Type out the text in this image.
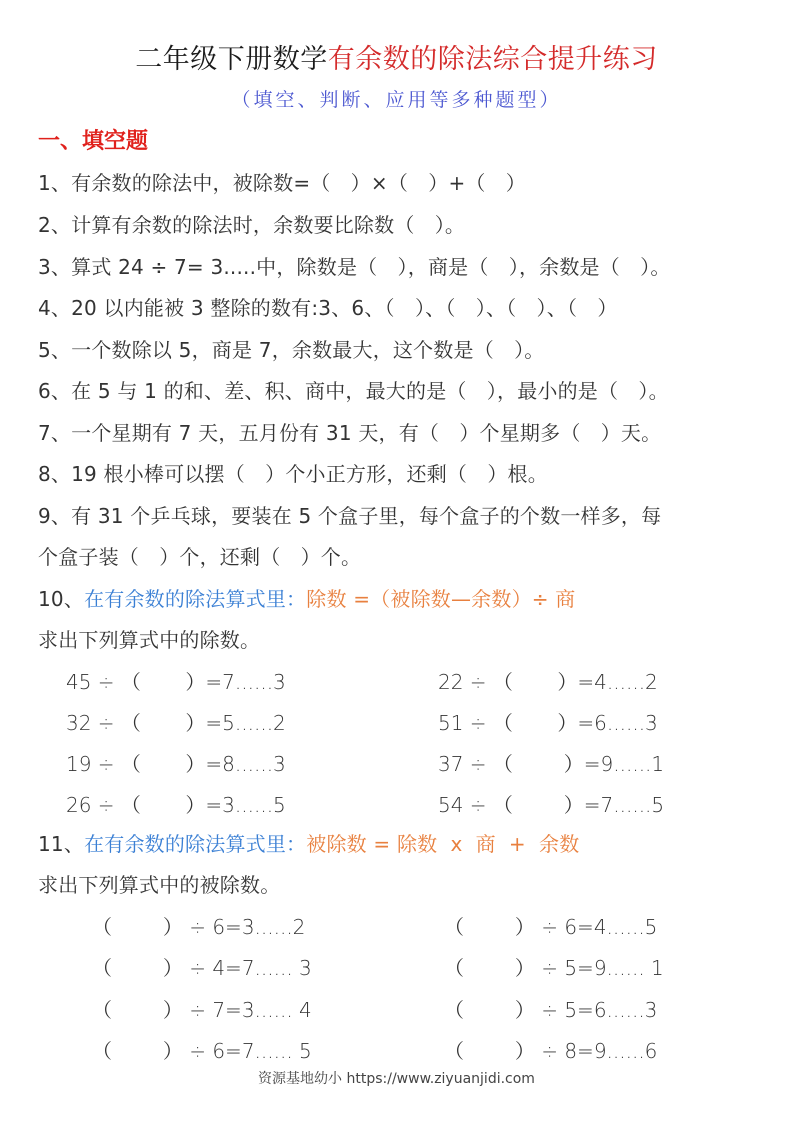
二年级下册数学有余数的除法综合提升练习
（填空、判断、应用等多种题型）
一、填空题
1、有余数的除法中，被除数=（　）×（　）+（　）
2、计算有余数的除法时，余数要比除数（　）。
3、算式 24 ÷ 7= 3.....中，除数是（　），商是（　），余数是（　）。
4、20 以内能被 3 整除的数有:3、6、（　）、（　）、（　）、（　）
5、一个数除以 5，商是 7，余数最大，这个数是（　）。
6、在 5 与 1 的和、差、积、商中，最大的是（　），最小的是（　）。
7、一个星期有 7 天，五月份有 31 天，有（　）个星期多（　）天。
8、19 根小棒可以摆（　）个小正方形，还剩（　）根。
9、有 31 个乒乓球，要装在 5 个盒子里，每个盒子的个数一样多，每
个盒子装（　）个，还剩（　）个。
10、在有余数的除法算式里：除数 =（被除数—余数）÷ 商
求出下列算式中的除数。
45 ÷ （       ）=7......3
32 ÷ （       ）=5......2
19 ÷ （       ）=8......3
26 ÷ （       ）=3......5
22 ÷ （       ）=4......2
51 ÷ （       ）=6......3
37 ÷ （        ）=9......1
54 ÷ （        ）=7......5
11、在有余数的除法算式里：被除数 = 除数  x  商  +  余数
求出下列算式中的被除数。
（        ） ÷ 6=3......2
（        ） ÷ 4=7...... 3
（        ） ÷ 7=3...... 4
（        ） ÷ 6=7...... 5
（        ） ÷ 6=4......5
（        ） ÷ 5=9...... 1
（        ） ÷ 5=6......3
（        ） ÷ 8=9......6
资源基地幼小 https://www.ziyuanjidi.com
